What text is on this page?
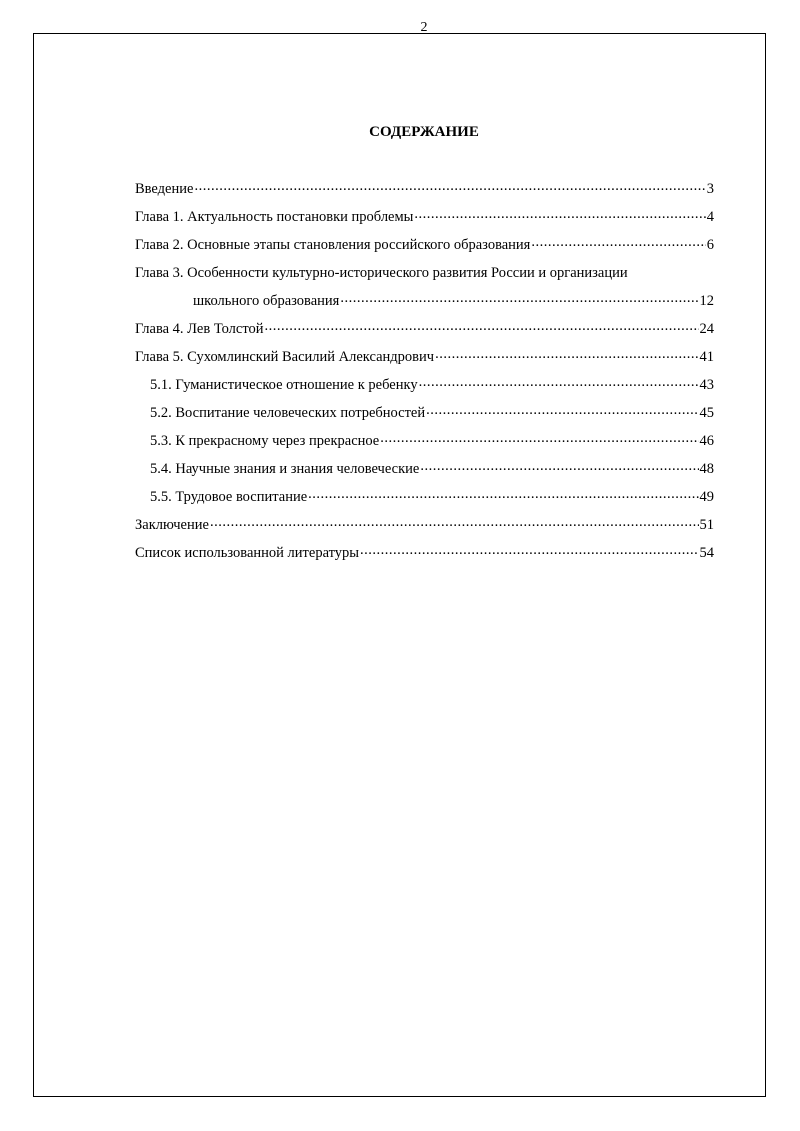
2
СОДЕРЖАНИЕ
Введение .....	3
Глава 1. Актуальность постановки проблемы .....	4
Глава 2. Основные этапы становления российского образования .....	6
Глава 3. Особенности культурно-исторического развития России и организации
школьного образования .....	12
Глава 4. Лев Толстой .....	24
Глава 5. Сухомлинский Василий Александрович .....	41
5.1. Гуманистическое отношение к ребенку .....	43
5.2. Воспитание человеческих потребностей .....	45
5.3. К прекрасному через прекрасное .....	46
5.4. Научные знания и знания человеческие .....	48
5.5. Трудовое воспитание .....	49
Заключение .....	51
Список использованной литературы .....	54
